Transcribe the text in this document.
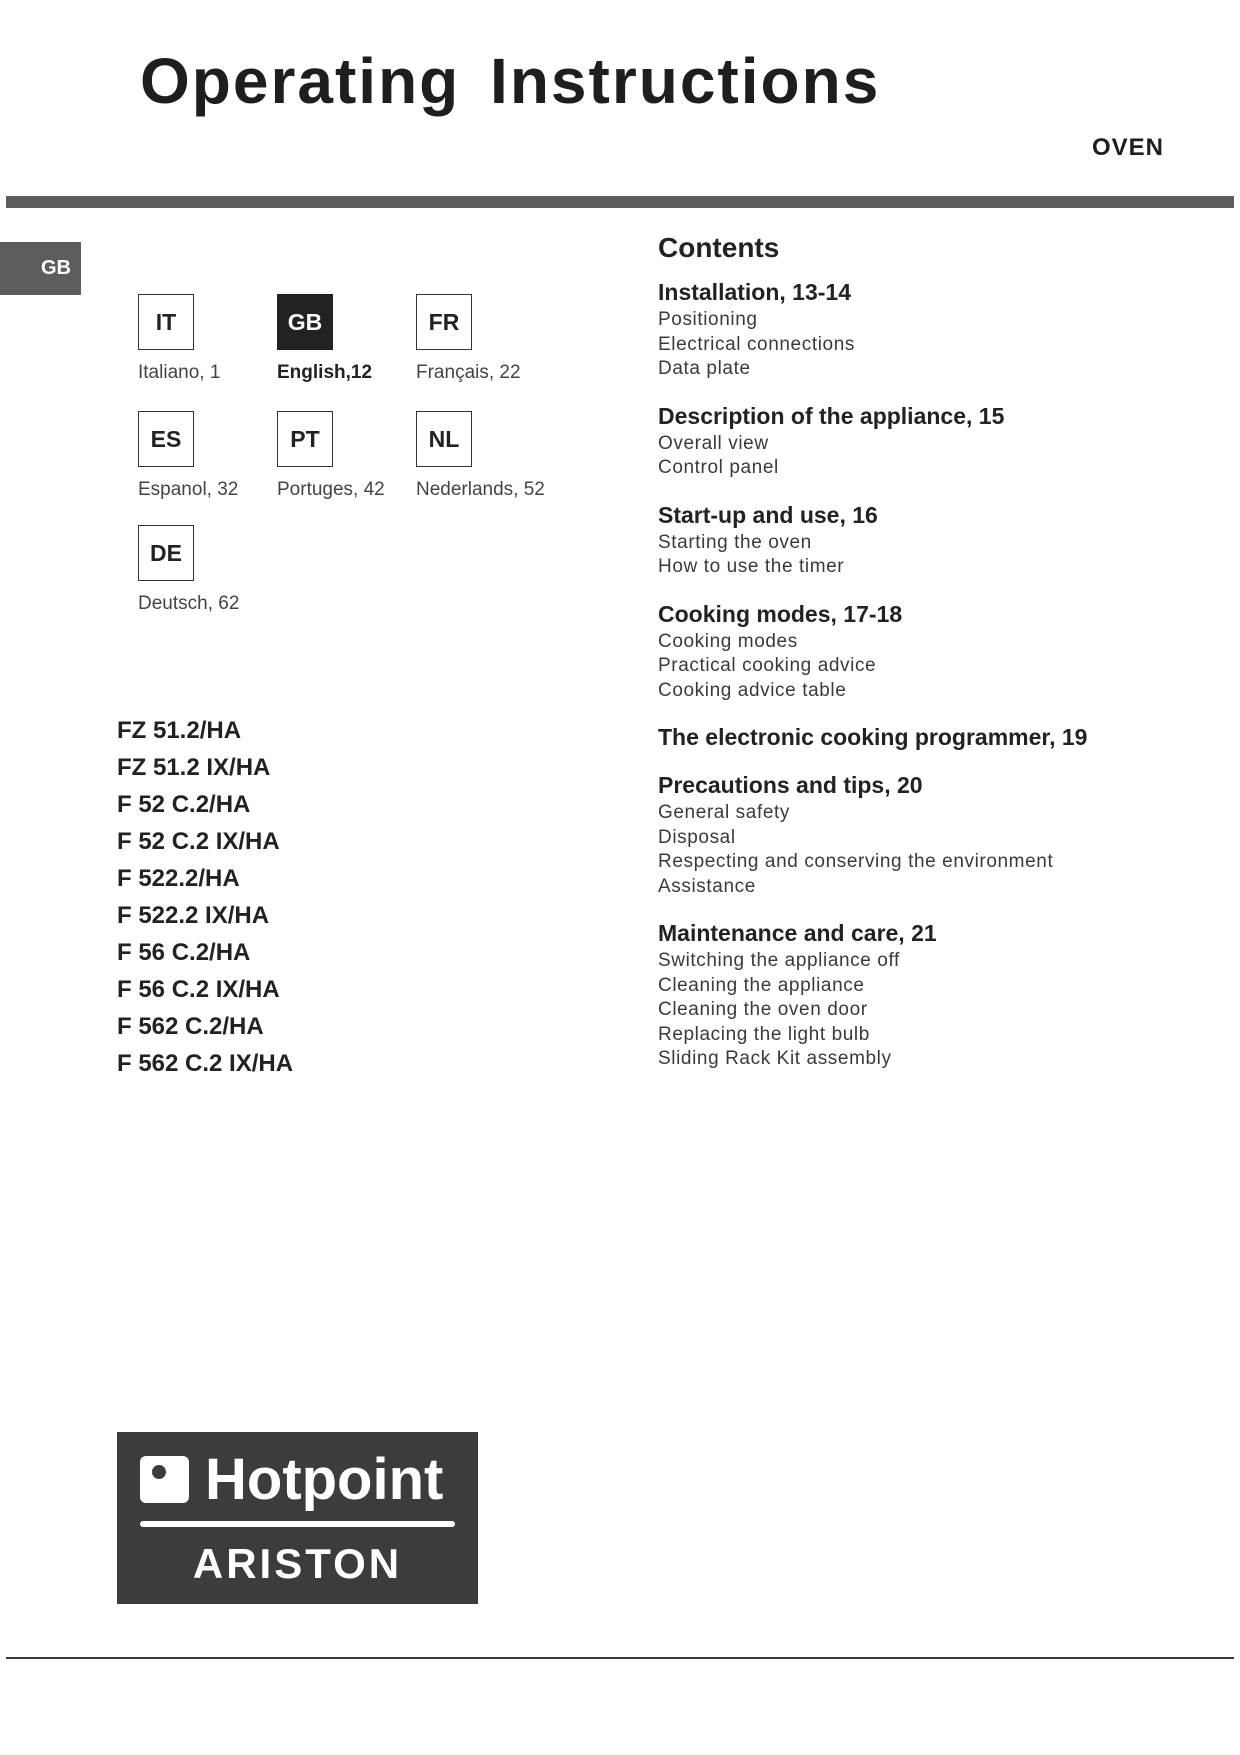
Operating Instructions
OVEN
GB
IT
Italiano, 1
GB
English,12
FR
Français, 22
ES
Espanol, 32
PT
Portuges, 42
NL
Nederlands, 52
DE
Deutsch, 62
FZ 51.2/HA
FZ 51.2 IX/HA
F 52 C.2/HA
F 52 C.2 IX/HA
F 522.2/HA
F 522.2 IX/HA
F 56 C.2/HA
F 56 C.2 IX/HA
F 562 C.2/HA
F 562 C.2 IX/HA
Contents
Installation, 13-14
Positioning
Electrical connections
Data plate
Description of the appliance, 15
Overall view
Control panel
Start-up and use, 16
Starting the oven
How to use the timer
Cooking modes, 17-18
Cooking modes
Practical cooking advice
Cooking advice table
The electronic cooking programmer, 19
Precautions and tips, 20
General safety
Disposal
Respecting and conserving the environment
Assistance
Maintenance and care, 21
Switching the appliance off
Cleaning the appliance
Cleaning the oven door
Replacing the light bulb
Sliding Rack Kit assembly
Hotpoint
ARISTON
